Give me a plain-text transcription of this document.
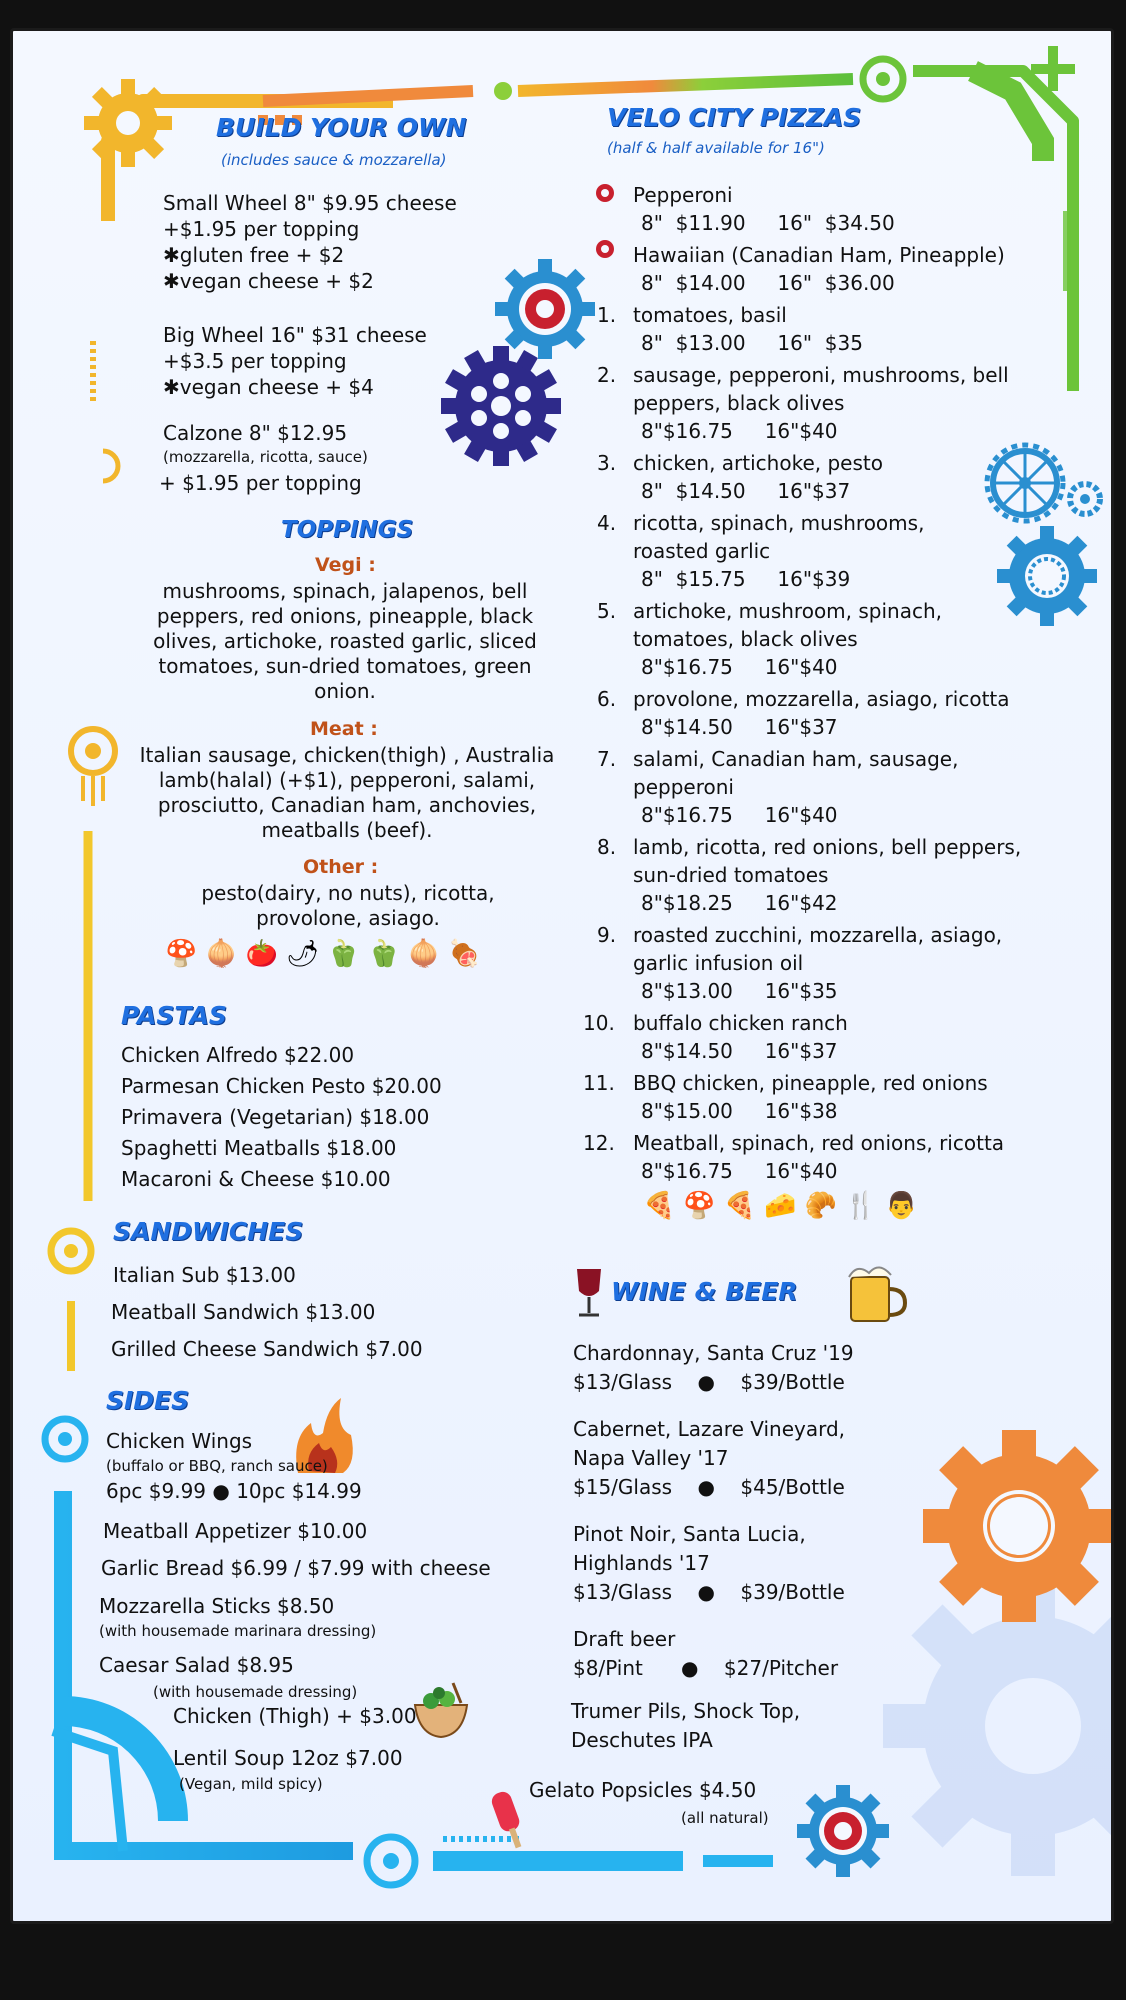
BUILD YOUR OWN
(includes sauce & mozzarella)
Small Wheel 8" $9.95 cheese
+$1.95 per topping
✱gluten free + $2
✱vegan cheese + $2
Big Wheel 16" $31 cheese
+$3.5 per topping
✱vegan cheese + $4
Calzone 8" $12.95
(mozzarella, ricotta, sauce)
+ $1.95 per topping
TOPPINGS
Vegi :
mushrooms, spinach, jalapenos, bell peppers, red onions, pineapple, black olives, artichoke, roasted garlic, sliced tomatoes, sun-dried tomatoes, green onion.
Meat :
Italian sausage, chicken(thigh) , Australia lamb(halal) (+$1), pepperoni, salami, prosciutto, Canadian ham, anchovies, meatballs (beef).
Other :
pesto(dairy, no nuts), ricotta, provolone, asiago.
🍄 🧅 🍅 🌶 🫑 🫑 🧅 🍖
PASTAS
Chicken Alfredo $22.00
Parmesan Chicken Pesto $20.00
Primavera (Vegetarian) $18.00
Spaghetti Meatballs $18.00
Macaroni & Cheese $10.00
SANDWICHES
Italian Sub $13.00
Meatball Sandwich $13.00
Grilled Cheese Sandwich $7.00
SIDES
Chicken Wings
(buffalo or BBQ, ranch sauce)
6pc $9.99 ● 10pc $14.99
Meatball Appetizer $10.00
Garlic Bread $6.99 / $7.99 with cheese
Mozzarella Sticks $8.50
(with housemade marinara dressing)
Caesar Salad $8.95
(with housemade dressing)
Chicken (Thigh) + $3.00
Lentil Soup 12oz $7.00
(Vegan, mild spicy)	Gelato Popsicles $4.50
(all natural)
VELO CITY PIZZAS
(half & half available for 16")
Pepperoni
8"  $11.90     16"  $34.50
Hawaiian (Canadian Ham, Pineapple)
8"  $14.00     16"  $36.00
1. tomatoes, basil
8"  $13.00     16"  $35
2. sausage, pepperoni, mushrooms, bell
peppers, black olives
8"$16.75     16"$40
3. chicken, artichoke, pesto
8"  $14.50     16"$37
4. ricotta, spinach, mushrooms,
roasted garlic
8"  $15.75     16"$39
5. artichoke, mushroom, spinach,
tomatoes, black olives
8"$16.75     16"$40
6. provolone, mozzarella, asiago, ricotta
8"$14.50     16"$37
7. salami, Canadian ham, sausage,
pepperoni
8"$16.75     16"$40
8. lamb, ricotta, red onions, bell peppers,
sun-dried tomatoes
8"$18.25     16"$42
9. roasted zucchini, mozzarella, asiago,
garlic infusion oil
8"$13.00     16"$35
10. buffalo chicken ranch
8"$14.50     16"$37
11. BBQ chicken, pineapple, red onions
8"$15.00     16"$38
12. Meatball, spinach, red onions, ricotta
8"$16.75     16"$40
🍕 🍄 🍕 🧀 🥐 🍴 👨
WINE & BEER
Chardonnay, Santa Cruz '19
$13/Glass    ●    $39/Bottle
Cabernet, Lazare Vineyard,
Napa Valley '17
$15/Glass    ●    $45/Bottle
Pinot Noir, Santa Lucia,
Highlands '17
$13/Glass    ●    $39/Bottle
Draft beer
$8/Pint      ●    $27/Pitcher
Trumer Pils, Shock Top,
Deschutes IPA
